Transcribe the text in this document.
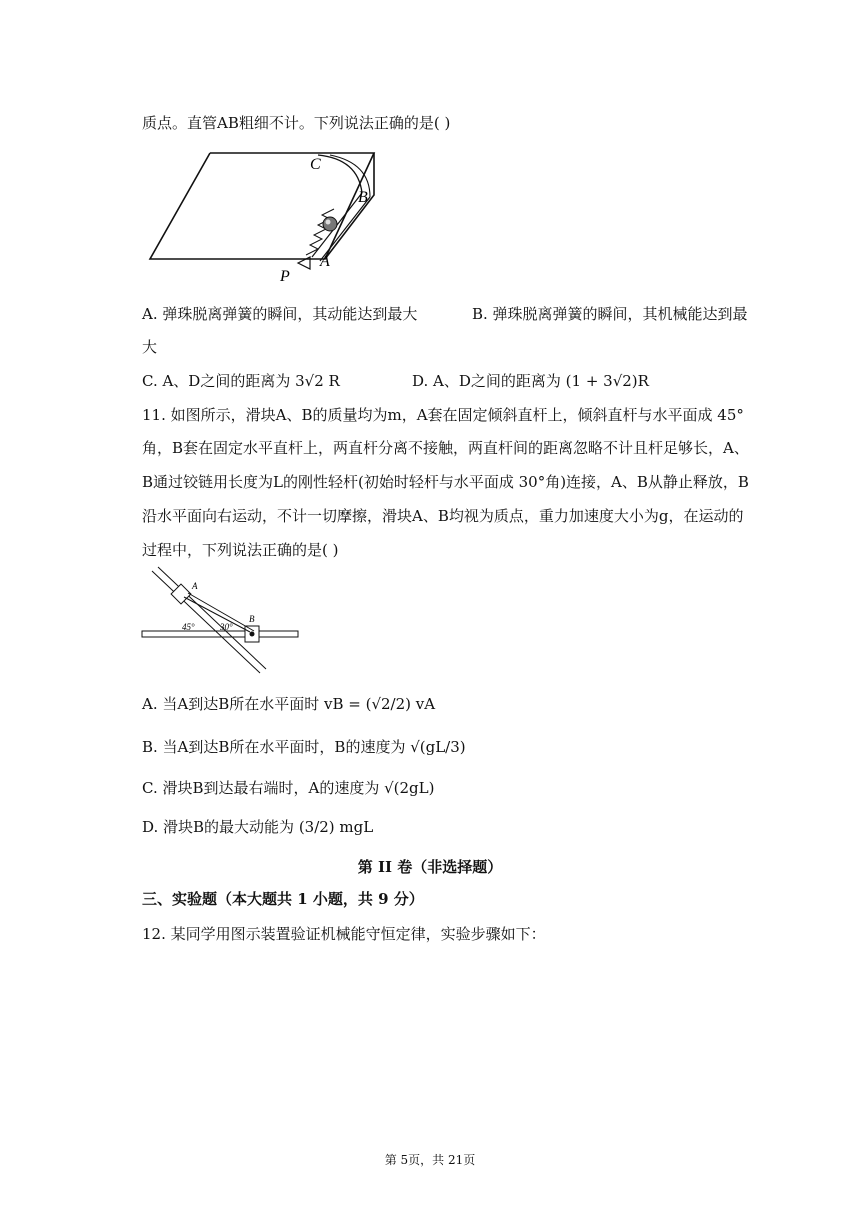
质点。直管AB粗细不计。下列说法正确的是( )
C
B
A
P
A. 弹珠脱离弹簧的瞬间，其动能达到最大	B. 弹珠脱离弹簧的瞬间，其机械能达到最
大
C. A、D之间的距离为 3√2 R	D. A、D之间的距离为 (1 + 3√2)R
11. 如图所示，滑块A、B的质量均为m，A套在固定倾斜直杆上，倾斜直杆与水平面成 45°
角，B套在固定水平直杆上，两直杆分离不接触，两直杆间的距离忽略不计且杆足够长，A、
B通过铰链用长度为L的刚性轻杆(初始时轻杆与水平面成 30°角)连接，A、B从静止释放，B
沿水平面向右运动，不计一切摩擦，滑块A、B均视为质点，重力加速度大小为g，在运动的
过程中，下列说法正确的是( )
A
B
45°	30°
A. 当A到达B所在水平面时 vB = (√2/2) vA
B. 当A到达B所在水平面时，B的速度为 √(gL/3)
C. 滑块B到达最右端时，A的速度为 √(2gL)
D. 滑块B的最大动能为 (3/2) mgL
第 II 卷（非选择题）
三、实验题（本大题共 1 小题，共 9 分）
12. 某同学用图示装置验证机械能守恒定律，实验步骤如下：
第 5页，共 21页
